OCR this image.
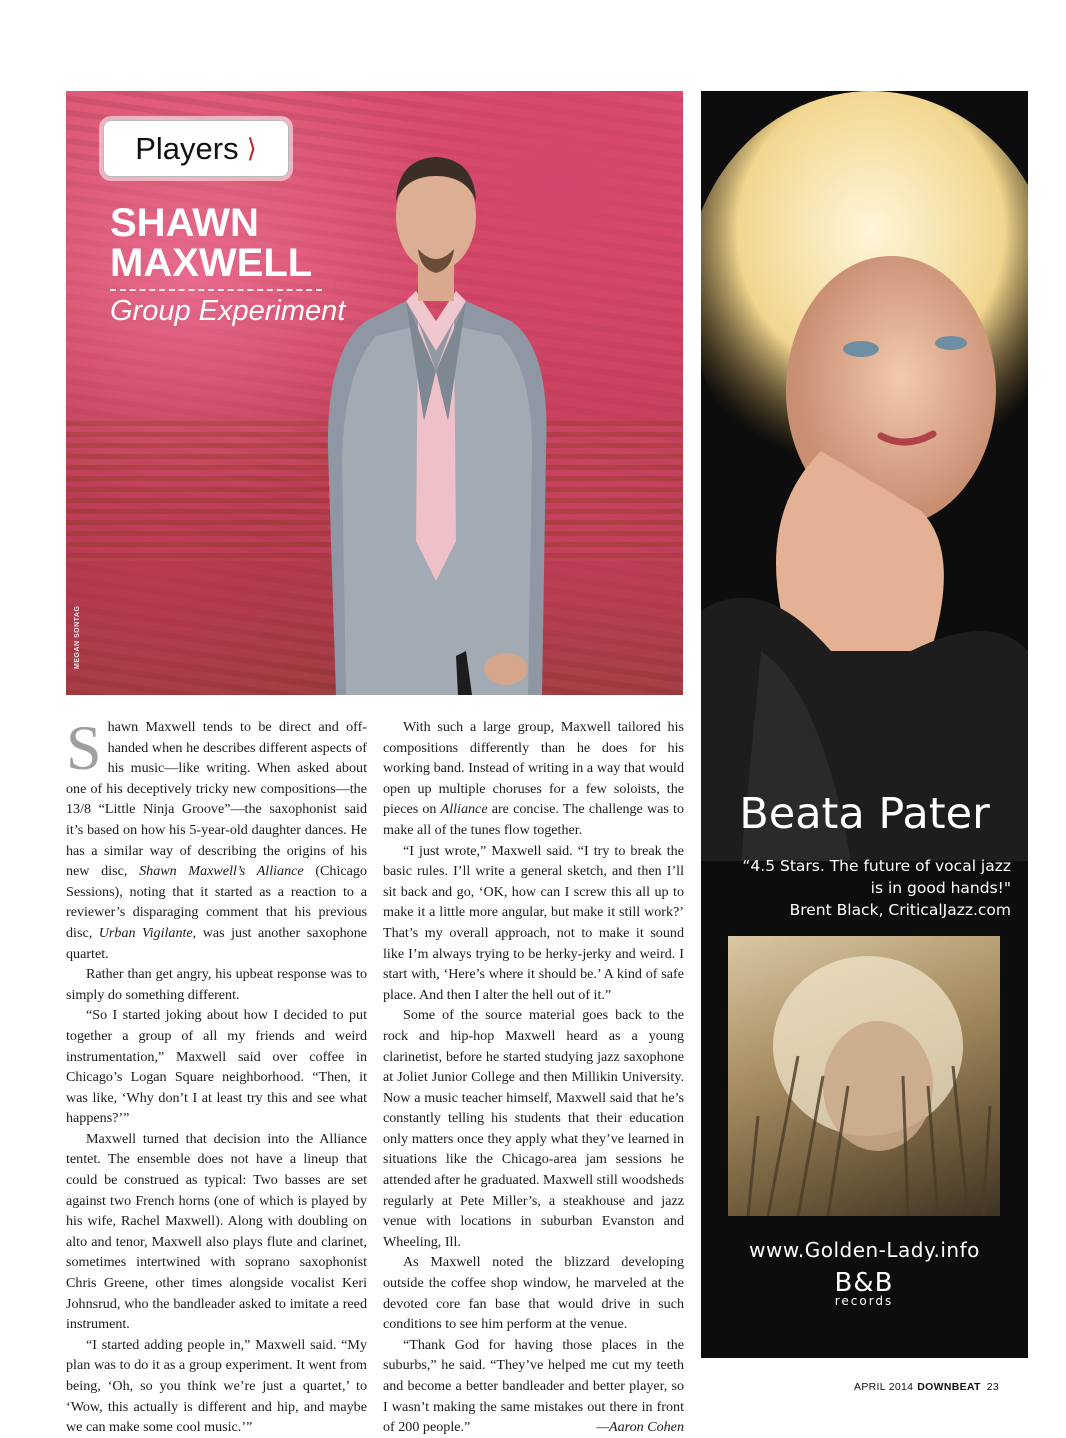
Players ⟩
SHAWN
MAXWELL
Group Experiment
MEGAN SONTAG

Shawn Maxwell tends to be direct and off-handed when he describes different aspects of his music—like writing. When asked about one of his deceptively tricky new compositions—the 13/8 “Little Ninja Groove”—the saxophonist said it’s based on how his 5-year-old daughter dances. He has a similar way of describing the origins of his new disc, Shawn Maxwell’s Alliance (Chicago Sessions), noting that it started as a reaction to a reviewer’s disparaging comment that his previous disc, Urban Vigilante, was just another saxophone quartet.

Rather than get angry, his upbeat response was to simply do something different.

“So I started joking about how I decided to put together a group of all my friends and weird instrumentation,” Maxwell said over coffee in Chicago’s Logan Square neighborhood. “Then, it was like, ‘Why don’t I at least try this and see what happens?’”

Maxwell turned that decision into the Alliance tentet. The ensemble does not have a lineup that could be construed as typical: Two basses are set against two French horns (one of which is played by his wife, Rachel Maxwell). Along with doubling on alto and tenor, Maxwell also plays flute and clarinet, sometimes intertwined with soprano saxophonist Chris Greene, other times alongside vocalist Keri Johnsrud, who the bandleader asked to imitate a reed instrument.

“I started adding people in,” Maxwell said. “My plan was to do it as a group experiment. It went from being, ‘Oh, so you think we’re just a quartet,’ to ‘Wow, this actually is different and hip, and maybe we can make some cool music.’”

With such a large group, Maxwell tailored his compositions differently than he does for his working band. Instead of writing in a way that would open up multiple choruses for a few soloists, the pieces on Alliance are concise. The challenge was to make all of the tunes flow together.

“I just wrote,” Maxwell said. “I try to break the basic rules. I’ll write a general sketch, and then I’ll sit back and go, ‘OK, how can I screw this all up to make it a little more angular, but make it still work?’ That’s my overall approach, not to make it sound like I’m always trying to be herky-jerky and weird. I start with, ‘Here’s where it should be.’ A kind of safe place. And then I alter the hell out of it.”

Some of the source material goes back to the rock and hip-hop Maxwell heard as a young clarinetist, before he started studying jazz saxophone at Joliet Junior College and then Millikin University. Now a music teacher himself, Maxwell said that he’s constantly telling his students that their education only matters once they apply what they’ve learned in situations like the Chicago-area jam sessions he attended after he graduated. Maxwell still woodsheds regularly at Pete Miller’s, a steakhouse and jazz venue with locations in suburban Evanston and Wheeling, Ill.

As Maxwell noted the blizzard developing outside the coffee shop window, he marveled at the devoted core fan base that would drive in such conditions to see him perform at the venue.

“Thank God for having those places in the suburbs,” he said. “They’ve helped me cut my teeth and become a better bandleader and better player, so I wasn’t making the same mistakes out there in front of 200 people.”	—Aaron Cohen

Beata Pater
“4.5 Stars. The future of vocal jazz
is in good hands!"
Brent Black, CriticalJazz.com
www.Golden-Lady.info
B&B
records
APRIL 2014 DOWNBEAT 23
